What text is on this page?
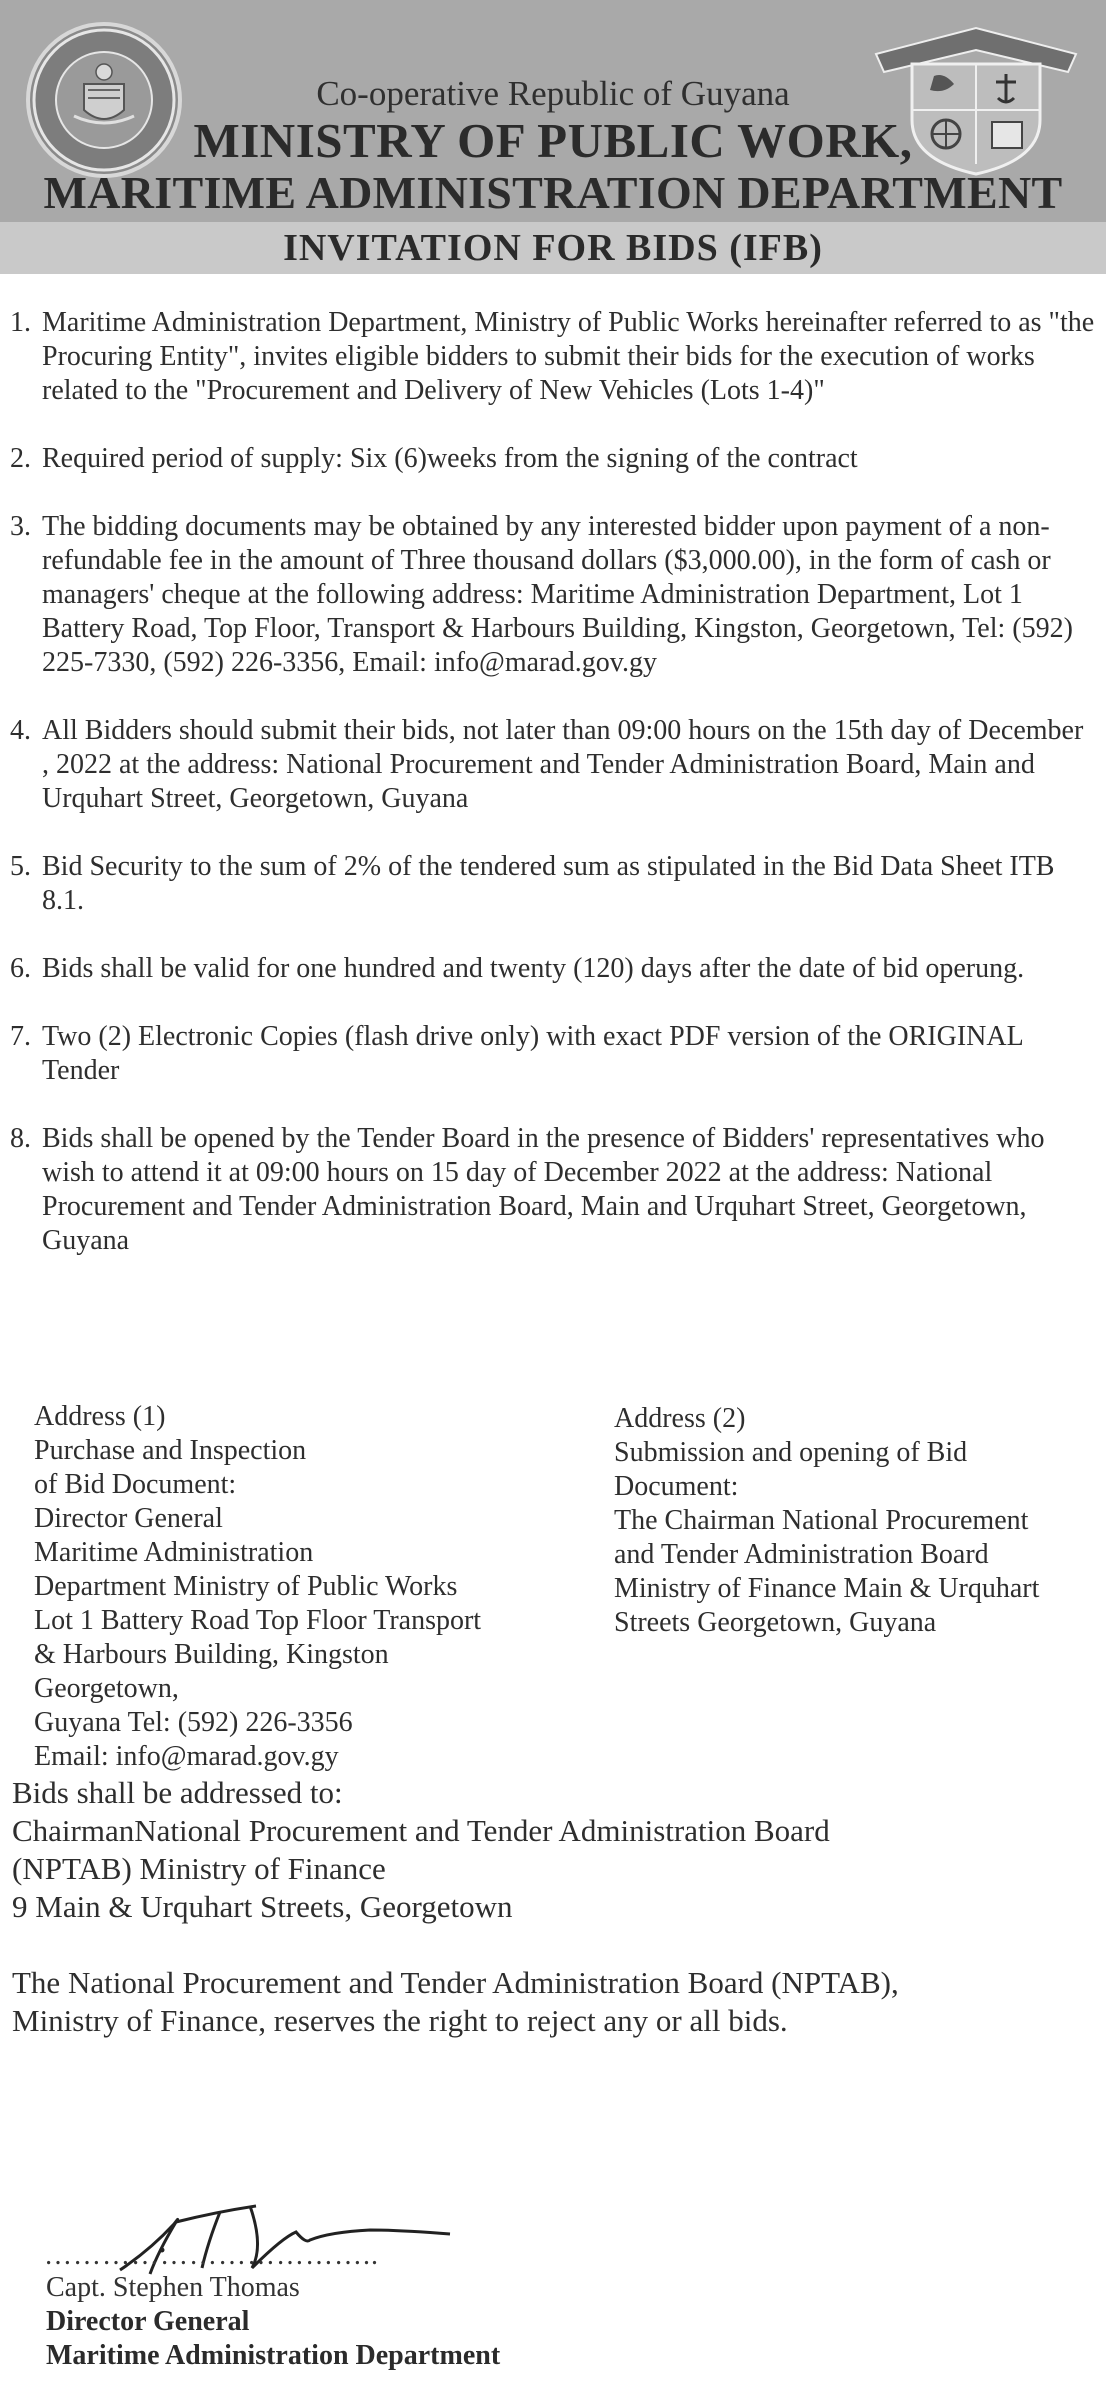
Co-operative Republic of Guyana
MINISTRY OF PUBLIC WORK,
MARITIME ADMINISTRATION DEPARTMENT
INVITATION FOR BIDS (IFB)
1. Maritime Administration Department, Ministry of Public Works hereinafter referred to as "the Procuring Entity", invites eligible bidders to submit their bids for the execution of works related to the "Procurement and Delivery of New Vehicles (Lots 1-4)"
2. Required period of supply: Six (6)weeks from the signing of the contract
3. The bidding documents may be obtained by any interested bidder upon payment of a non-refundable fee in the amount of Three thousand dollars ($3,000.00), in the form of cash or managers' cheque at the following address: Maritime Administration Department, Lot 1 Battery Road, Top Floor, Transport & Harbours Building, Kingston, Georgetown, Tel: (592) 225-7330, (592) 226-3356, Email: info@marad.gov.gy
4. All Bidders should submit their bids, not later than 09:00 hours on the 15th day of December , 2022 at the address: National Procurement and Tender Administration Board, Main and Urquhart Street, Georgetown, Guyana
5. Bid Security to the sum of 2% of the tendered sum as stipulated in the Bid Data Sheet ITB 8.1.
6. Bids shall be valid for one hundred and twenty (120) days after the date of bid operung.
7. Two (2) Electronic Copies (flash drive only) with exact PDF version of the ORIGINAL Tender
8. Bids shall be opened by the Tender Board in the presence of Bidders' representatives who wish to attend it at 09:00 hours on 15 day of December 2022 at the address: National Procurement and Tender Administration Board, Main and Urquhart Street, Georgetown, Guyana
Address (1)
Purchase and Inspection
of Bid Document:
Director General
Maritime Administration
Department Ministry of Public Works
Lot 1 Battery Road Top Floor Transport
& Harbours Building, Kingston
Georgetown,
Guyana Tel: (592) 226-3356
Email: info@marad.gov.gy
Address (2)
Submission and opening of Bid
Document:
The Chairman National Procurement
and Tender Administration Board
Ministry of Finance Main & Urquhart
Streets Georgetown, Guyana
Bids shall be addressed to:
ChairmanNational Procurement and Tender Administration Board
(NPTAB) Ministry of Finance
9 Main & Urquhart Streets, Georgetown
The National Procurement and Tender Administration Board (NPTAB),
Ministry of Finance, reserves the right to reject any or all bids.
……………………………..
Capt. Stephen Thomas
Director General
Maritime Administration Department
